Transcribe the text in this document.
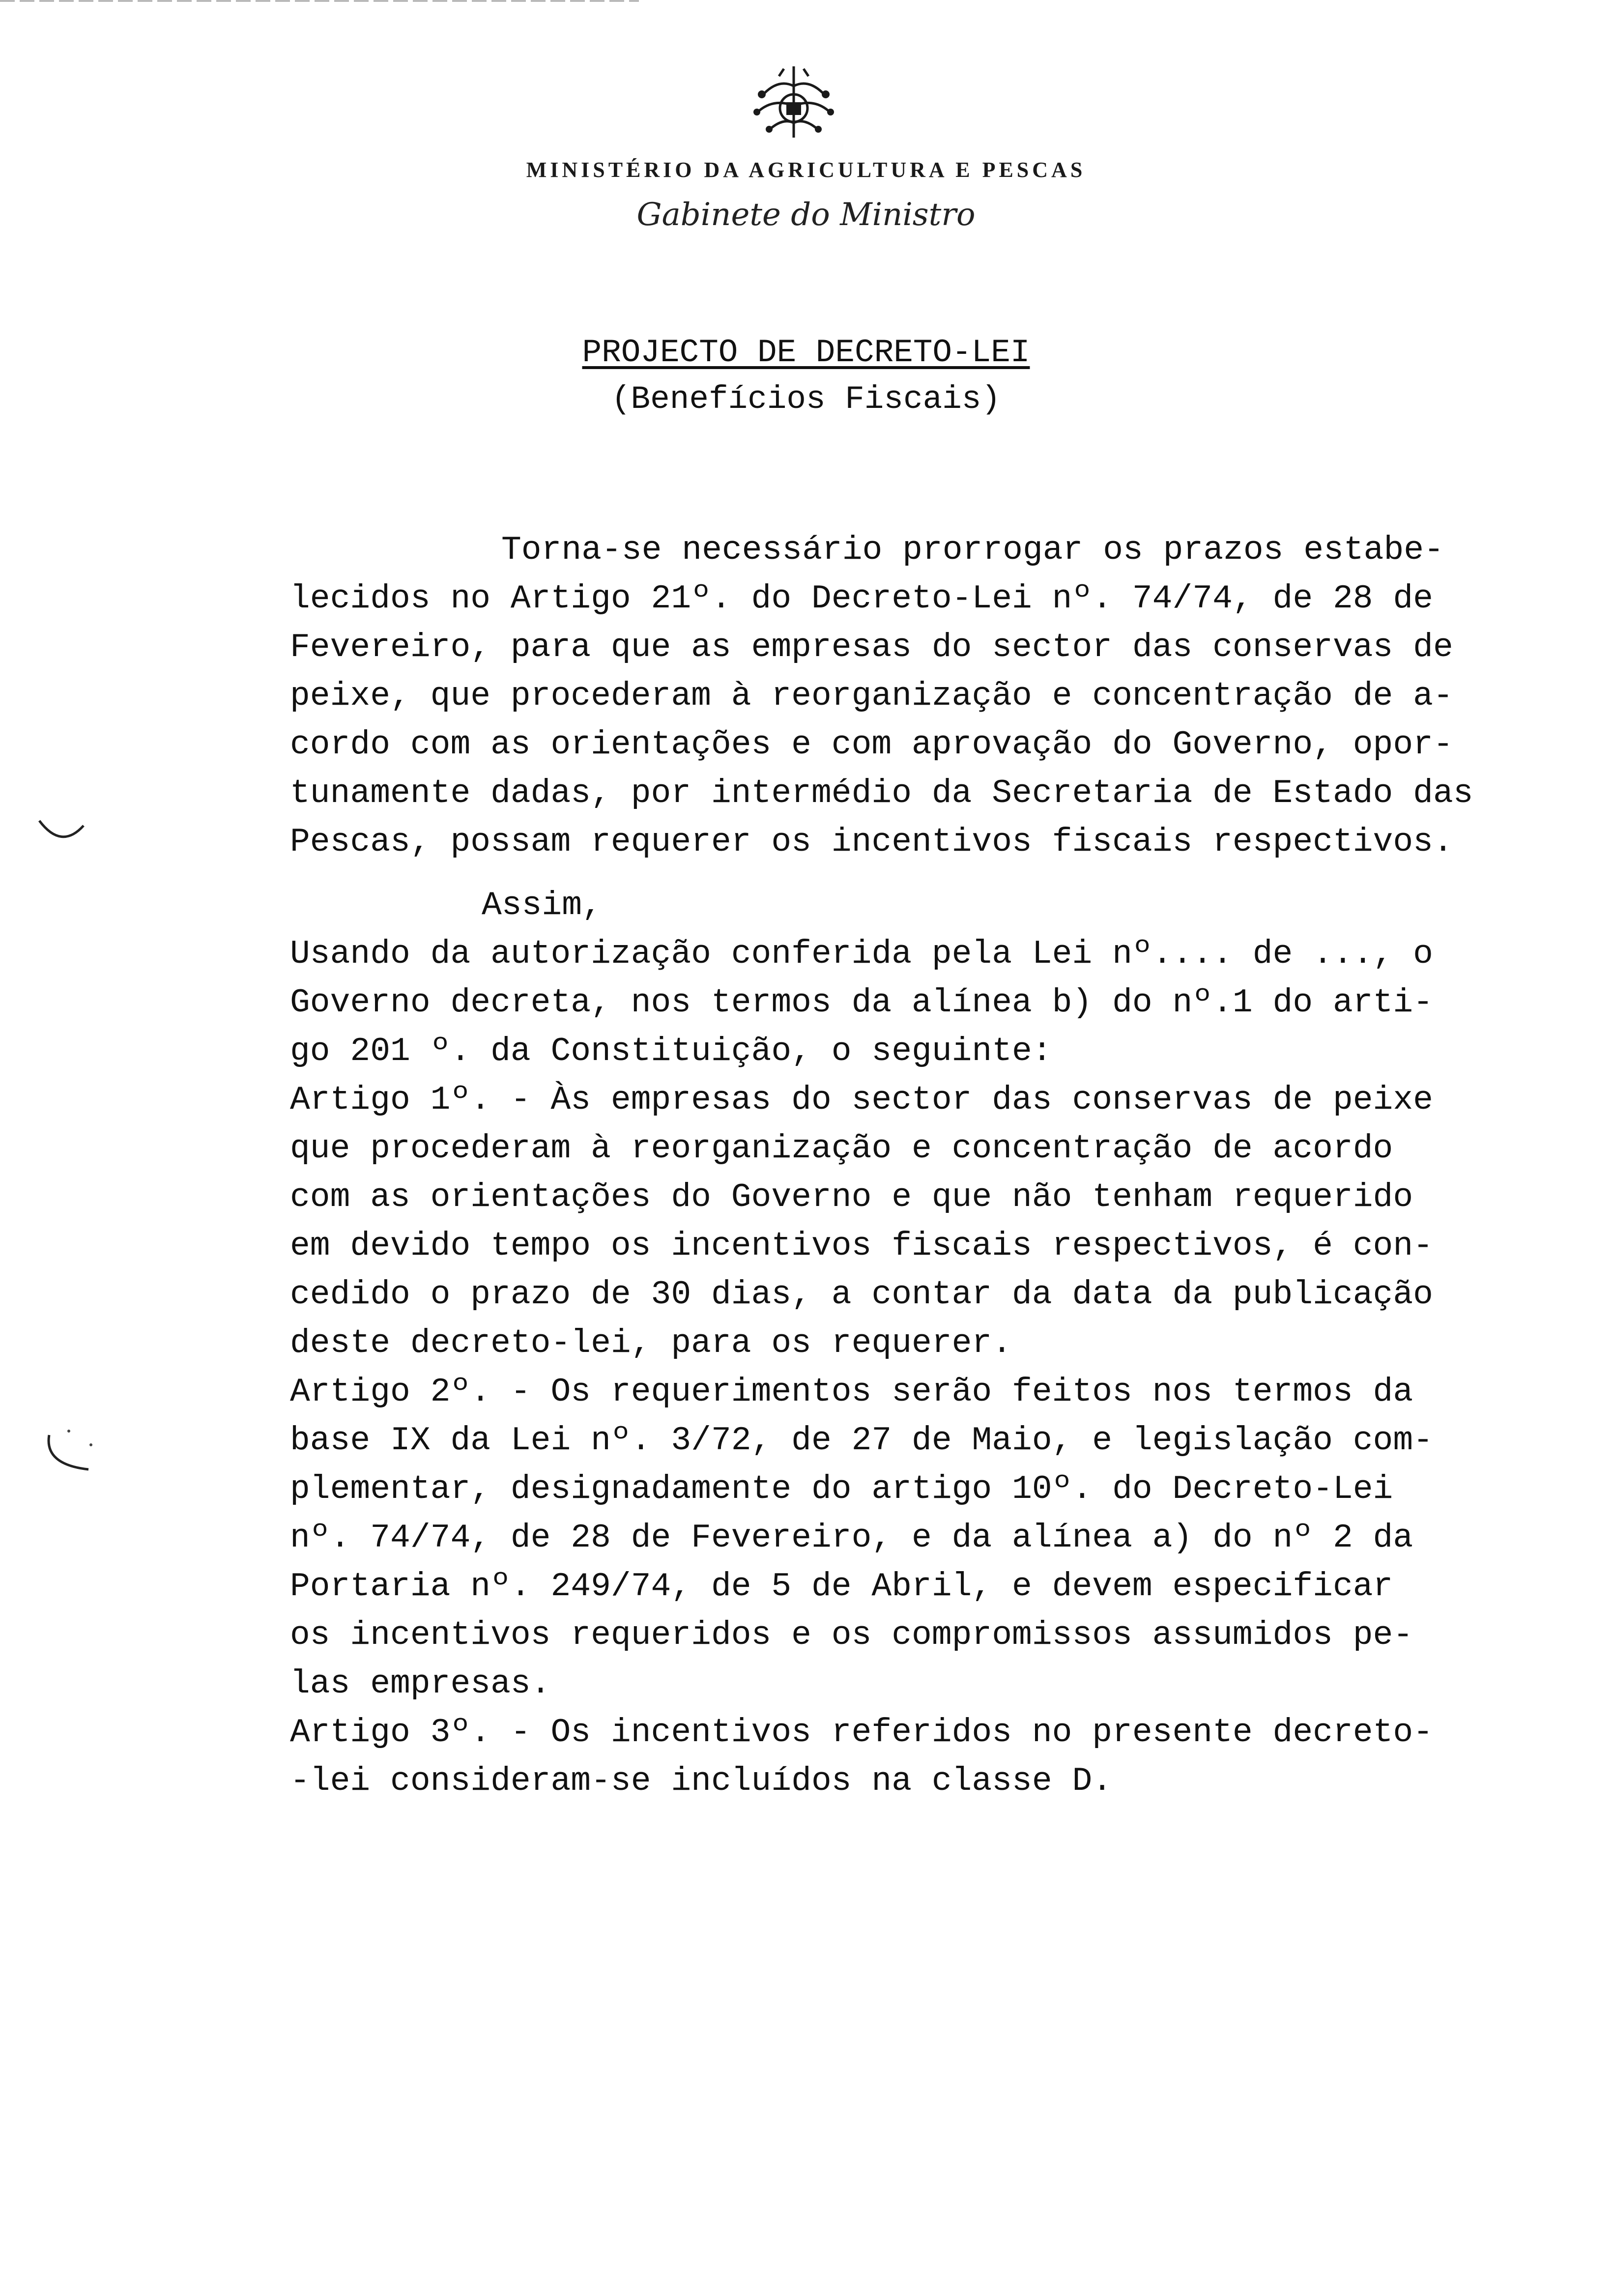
MINISTÉRIO DA AGRICULTURA E PESCAS
Gabinete do Ministro
PROJECTO DE DECRETO-LEI
(Benefícios Fiscais)
Torna-se necessário prorrogar os prazos estabe-
lecidos no Artigo 21º. do Decreto-Lei nº. 74/74, de 28 de
Fevereiro, para que as empresas do sector das conservas de
peixe, que procederam à reorganização e concentração de a-
cordo com as orientações e com aprovação do Governo, opor-
tunamente dadas, por intermédio da Secretaria de Estado das
Pescas, possam requerer os incentivos fiscais respectivos.
Assim,
Usando da autorização conferida pela Lei nº.... de ..., o
Governo decreta, nos termos da alínea b) do nº.1 do arti-
go 201 º. da Constituição, o seguinte:
Artigo 1º. - Às empresas do sector das conservas de peixe
que procederam à reorganização e concentração de acordo
com as orientações do Governo e que não tenham requerido
em devido tempo os incentivos fiscais respectivos, é con-
cedido o prazo de 30 dias, a contar da data da publicação
deste decreto-lei, para os requerer.
Artigo 2º. - Os requerimentos serão feitos nos termos da
base IX da Lei nº. 3/72, de 27 de Maio, e legislação com-
plementar, designadamente do artigo 10º. do Decreto-Lei
nº. 74/74, de 28 de Fevereiro, e da alínea a) do nº 2 da
Portaria nº. 249/74, de 5 de Abril, e devem especificar
os incentivos requeridos e os compromissos assumidos pe-
las empresas.
Artigo 3º. - Os incentivos referidos no presente decreto-
-lei consideram-se incluídos na classe D.
